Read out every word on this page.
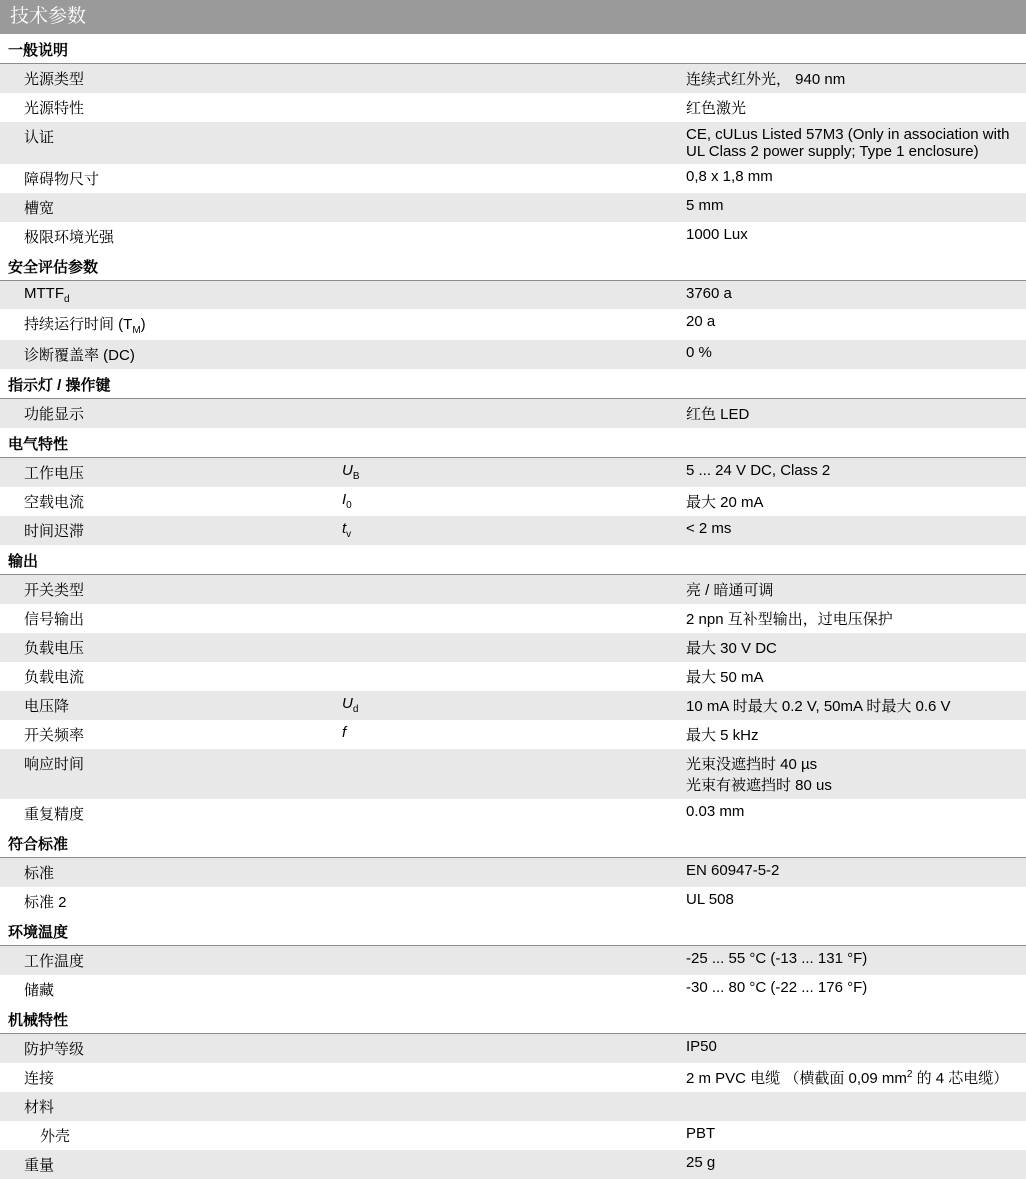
技术参数
一般说明		
光源类型		连续式红外光， 940 nm
光源特性		红色激光
认证		CE, cULus Listed 57M3 (Only in association with UL Class 2 power supply; Type 1 enclosure)
障碍物尺寸		0,8 x 1,8 mm
槽宽		5 mm
极限环境光强		1000 Lux
安全评估参数		
$MTTF_d$		3760 a
持续运行时间 $(T_M)$		20 a
诊断覆盖率 (DC)		0 %
指示灯 / 操作键		
功能显示		红色 LED
电气特性		
工作电压	$U_B$	5 ... 24 V DC, Class 2
空载电流	$I_0$	最大 20 mA
时间迟滞	$t_v$	< 2 ms
输出		
开关类型		亮 / 暗通可调
信号输出		2 npn 互补型输出，过电压保护
负载电压		最大 30 V DC
负载电流		最大 50 mA
电压降	$U_d$	10 mA 时最大 0.2 V, 50mA 时最大 0.6 V
开关频率	f	最大 5 kHz
响应时间		光束没遮挡时 40 µs
光束有被遮挡时 80 us

重复精度		0.03 mm
符合标准		
标准		EN 60947-5-2
标准 2		UL 508
环境温度		
工作温度		-25 ... 55 °C (-13 ... 131 °F)
储藏		-30 ... 80 °C (-22 ... 176 °F)
机械特性		
防护等级		IP50
连接		2 m PVC 电缆 （横截面 0,09 $mm^2$ 的 4 芯电缆）
材料		
外壳		PBT
重量		25 g
